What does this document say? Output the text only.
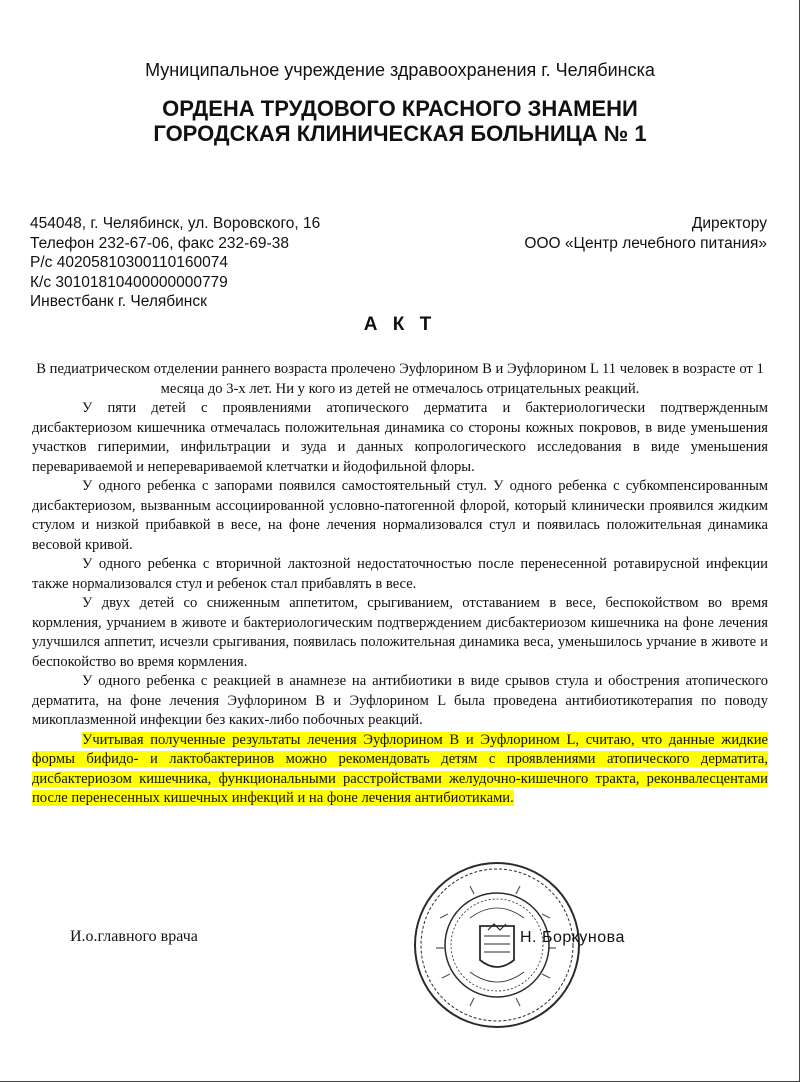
Муниципальное учреждение здравоохранения г. Челябинска
ОРДЕНА ТРУДОВОГО КРАСНОГО ЗНАМЕНИ
ГОРОДСКАЯ КЛИНИЧЕСКАЯ БОЛЬНИЦА № 1
454048, г. Челябинск, ул. Воровского, 16
Телефон 232-67-06, факс 232-69-38
Р/с 40205810300110160074
К/с 30101810400000000779
Инвестбанк г. Челябинск
Директору
ООО «Центр лечебного питания»
А К Т

В педиатрическом отделении раннего возраста пролечено Эуфлорином В и Эуфлорином L 11 человек в возрасте от 1 месяца до 3-х лет. Ни у кого из детей не отмечалось отрицательных реакций.

У пяти детей с проявлениями атопического дерматита и бактериологически подтвержденным дисбактериозом кишечника отмечалась положительная динамика со стороны кожных покровов, в виде уменьшения участков гиперимии, инфильтрации и зуда и данных копрологического исследования в виде уменьшения переваривaемой и непереваривaемой клетчатки и йодофильной флоры.

У одного ребенка с запорами появился самостоятельный стул. У одного ребенка с субкомпенсированным дисбактериозом, вызванным ассоциированной условно-патогенной флорой, который клинически проявился жидким стулом и низкой прибавкой в весе, на фоне лечения нормализовался стул и появилась положительная динамика весовой кривой.

У одного ребенка с вторичной лактозной недостаточностью после перенесенной ротавирусной инфекции также нормализовался стул и ребенок стал прибавлять в весе.

У двух детей со сниженным аппетитом, срыгиванием, отставанием в весе, беспокойством во время кормления, урчанием в животе и бактериологическим подтверждением дисбактериозом кишечника на фоне лечения улучшился аппетит, исчезли срыгивания, появилась положительная динамика веса, уменьшилось урчание в животе и беспокойство во время кормления.

У одного ребенка с реакцией в анамнезе на антибиотики в виде срывов стула и обострения атопического дерматита, на фоне лечения Эуфлорином В и Эуфлорином L была проведена антибиотикотерапия по поводу микоплазменной инфекции без каких-либо побочных реакций.

Учитывая полученные результаты лечения Эуфлорином В и Эуфлорином L, считаю, что данные жидкие формы бифидо- и лактобактеринов можно рекомендовать детям с проявлениями атопического дерматита, дисбактериозом кишечника, функциональными расстройствами желудочно-кишечного тракта, реконвалесцентами после перенесенных кишечных инфекций и на фоне лечения антибиотиками.

И.о.главного врача	Н. Боркунова
